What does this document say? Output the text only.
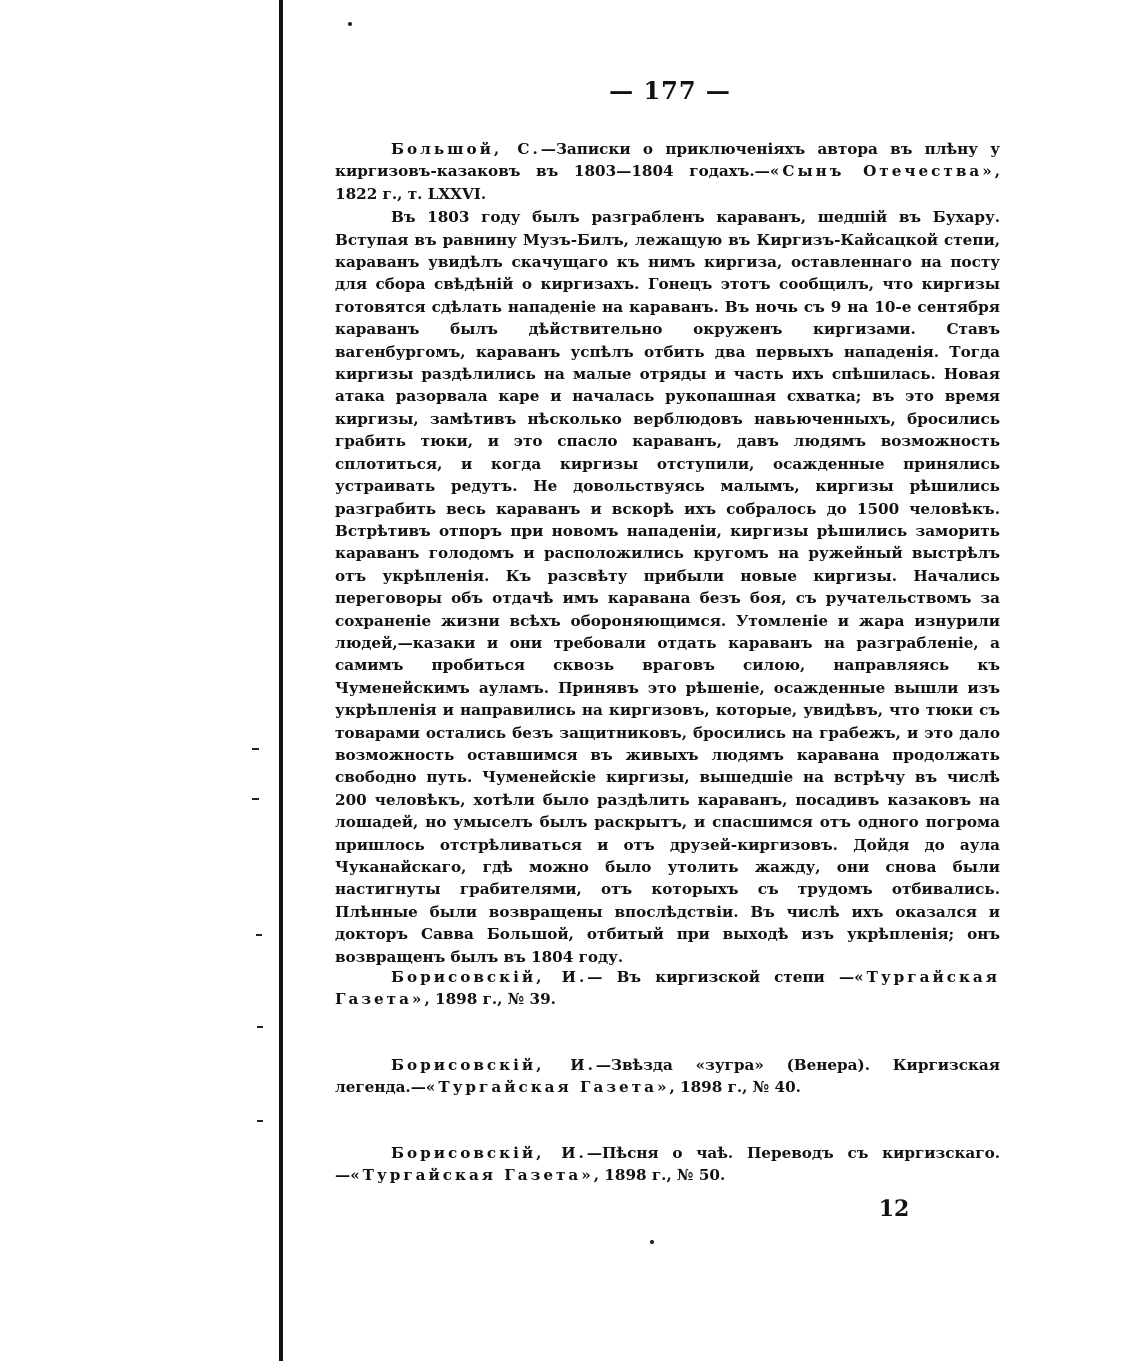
— 177 —
Большой, С.—Записки о приключеніяхъ автора въ плѣну у киргизовъ-казаковъ въ 1803—1804 годахъ.—«Сынъ Отечества», 1822 г., т. LXXVI.
Въ 1803 году былъ разграбленъ караванъ, шедшій въ Бухару. Вступая въ равнину Музъ-Билъ, лежащую въ Киргизъ-Кайсацкой степи, караванъ увидѣлъ скачущаго къ нимъ киргиза, оставленнаго на посту для сбора свѣдѣній о киргизахъ. Гонецъ этотъ сообщилъ, что киргизы готовятся сдѣлать нападеніе на караванъ. Въ ночь съ 9 на 10-е сентября караванъ былъ дѣйствительно окруженъ киргизами. Ставъ вагенбургомъ, караванъ успѣлъ отбить два первыхъ нападенія. Тогда киргизы раздѣлились на малые отряды и часть ихъ спѣшилась. Новая атака разорвала каре и началась рукопашная схватка; въ это время киргизы, замѣтивъ нѣсколько верблюдовъ навьюченныхъ, бросились грабить тюки, и это спасло караванъ, давъ людямъ возможность сплотиться, и когда киргизы отступили, осажденные принялись устраивать редутъ. Не довольствуясь малымъ, киргизы рѣшились разграбить весь караванъ и вскорѣ ихъ собралось до 1500 человѣкъ. Встрѣтивъ отпоръ при новомъ нападеніи, киргизы рѣшились заморить караванъ голодомъ и расположились кругомъ на ружейный выстрѣлъ отъ укрѣпленія. Къ разсвѣту прибыли новые киргизы. Начались переговоры объ отдачѣ имъ каравана безъ боя, съ ручательствомъ за сохраненіе жизни всѣхъ обороняющимся. Утомленіе и жара изнурили людей,—казаки и они требовали отдать караванъ на разграбленіе, а самимъ пробиться сквозь враговъ силою, направляясь къ Чуменейскимъ ауламъ. Принявъ это рѣшеніе, осажденные вышли изъ укрѣпленія и направились на киргизовъ, которые, увидѣвъ, что тюки съ товарами остались безъ защитниковъ, бросились на грабежъ, и это дало возможность оставшимся въ живыхъ людямъ каравана продолжать свободно путь. Чуменейскіе киргизы, вышедшіе на встрѣчу въ числѣ 200 человѣкъ, хотѣли было раздѣлить караванъ, посадивъ казаковъ на лошадей, но умыселъ былъ раскрытъ, и спасшимся отъ одного погрома пришлось отстрѣливаться и отъ друзей-киргизовъ. Дойдя до аула Чуканайскаго, гдѣ можно было утолить жажду, они снова были настигнуты грабителями, отъ которыхъ съ трудомъ отбивались. Плѣнные были возвращены впослѣдствіи. Въ числѣ ихъ оказался и докторъ Савва Большой, отбитый при выходѣ изъ укрѣпленія; онъ возвращенъ былъ въ 1804 году.
Борисовскій, И.— Въ киргизской степи —«Тургайская Газета», 1898 г., № 39.
Борисовскій, И.—Звѣзда «зугра» (Венера). Киргизская легенда.—«Тургайская Газета», 1898 г., № 40.
Борисовскій, И.—Пѣсня о чаѣ. Переводъ съ киргизскаго.—«Тургайская Газета», 1898 г., № 50.
12
